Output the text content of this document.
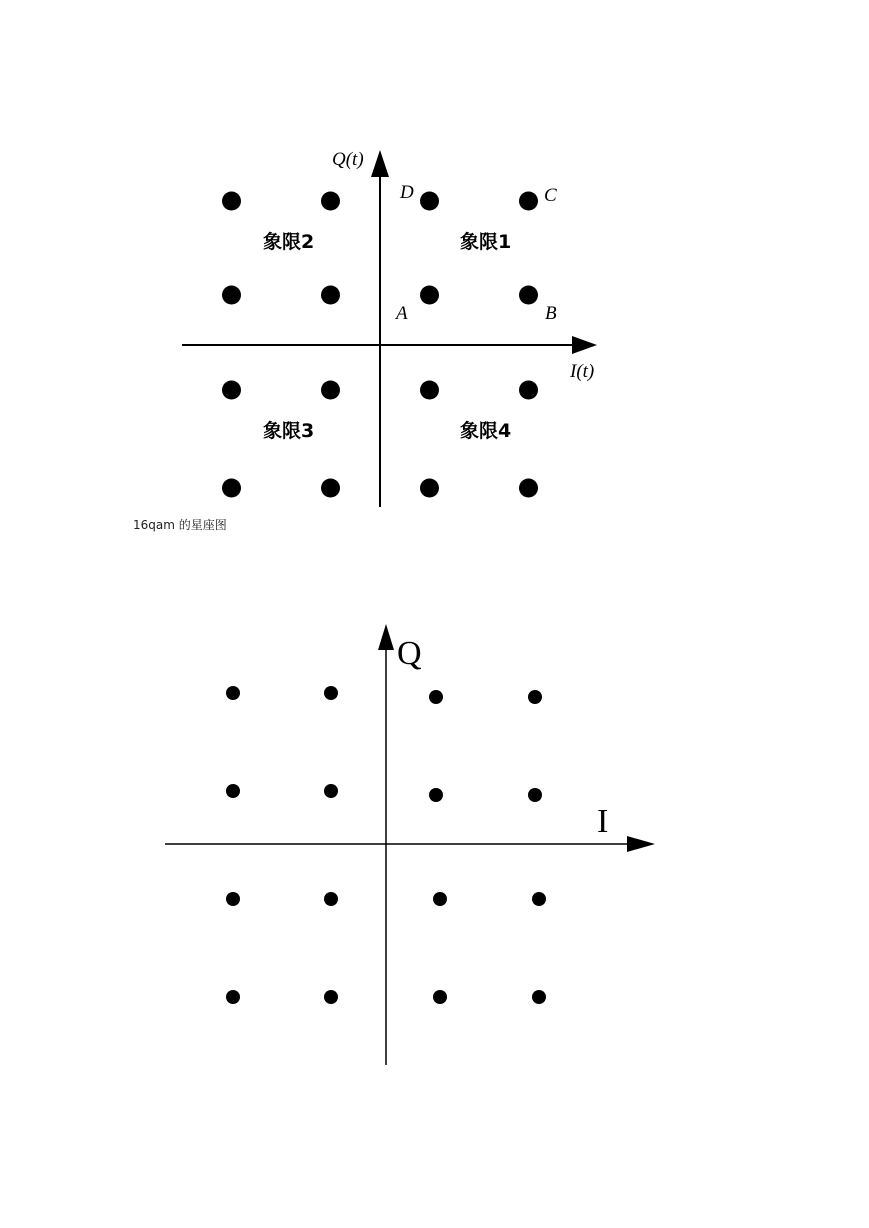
Q(t)
I(t)
D	C
A	B
象限1
象限2
象限3	象限4
Q
I
16qam 的星座图
